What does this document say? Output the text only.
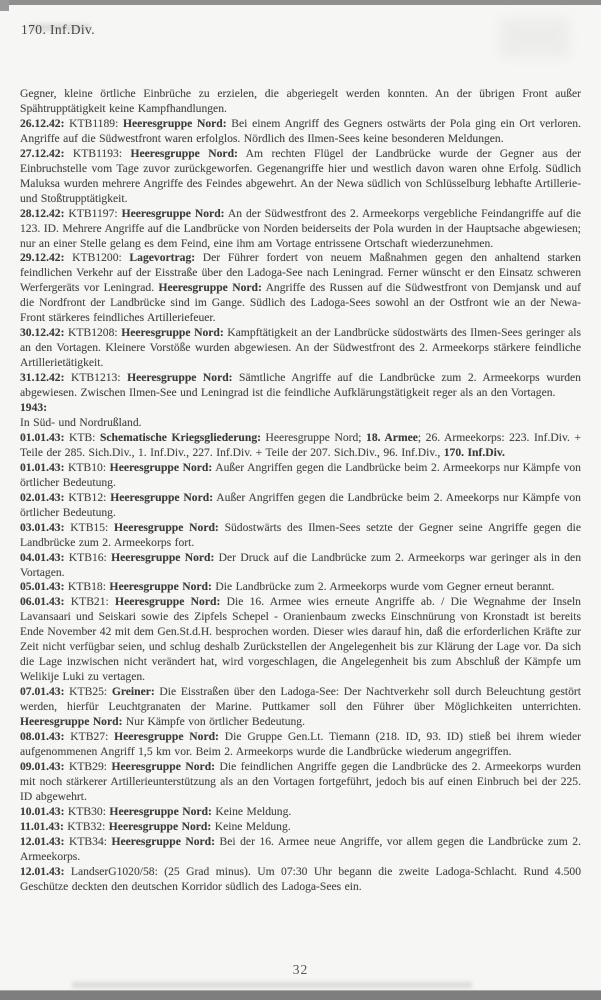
170. Inf.Div.

Gegner, kleine örtliche Einbrüche zu erzielen, die abgeriegelt werden konnten. An der übrigen Front außer Spähtrupptätigkeit keine Kampfhandlungen.

26.12.42: KTB1189: Heeresgruppe Nord: Bei einem Angriff des Gegners ostwärts der Pola ging ein Ort verloren. Angriffe auf die Südwestfront waren erfolglos. Nördlich des Ilmen-Sees keine besonderen Meldungen.

27.12.42: KTB1193: Heeresgruppe Nord: Am rechten Flügel der Landbrücke wurde der Gegner aus der Einbruchstelle vom Tage zuvor zurückgeworfen. Gegenangriffe hier und westlich davon waren ohne Erfolg. Südlich Maluksa wurden mehrere Angriffe des Feindes abgewehrt. An der Newa südlich von Schlüsselburg lebhafte Artillerie- und Stoßtrupptätigkeit.

28.12.42: KTB1197: Heeresgruppe Nord: An der Südwestfront des 2. Armeekorps vergebliche Feindangriffe auf die 123. ID. Mehrere Angriffe auf die Landbrücke von Norden beiderseits der Pola wurden in der Hauptsache abgewiesen; nur an einer Stelle gelang es dem Feind, eine ihm am Vortage entrissene Ortschaft wiederzunehmen.

29.12.42: KTB1200: Lagevortrag: Der Führer fordert von neuem Maßnahmen gegen den anhaltend starken feindlichen Verkehr auf der Eisstraße über den Ladoga-See nach Leningrad. Ferner wünscht er den Einsatz schweren Werfergeräts vor Leningrad. Heeresgruppe Nord: Angriffe des Russen auf die Südwestfront von Demjansk und auf die Nordfront der Landbrücke sind im Gange. Südlich des Ladoga-Sees sowohl an der Ostfront wie an der Newa-Front stärkeres feindliches Artilleriefeuer.

30.12.42: KTB1208: Heeresgruppe Nord: Kampftätigkeit an der Landbrücke südostwärts des Ilmen-Sees geringer als an den Vortagen. Kleinere Vorstöße wurden abgewiesen. An der Südwestfront des 2. Armeekorps stärkere feindliche Artillerietätigkeit.

31.12.42: KTB1213: Heeresgruppe Nord: Sämtliche Angriffe auf die Landbrücke zum 2. Armeekorps wurden abgewiesen. Zwischen Ilmen-See und Leningrad ist die feindliche Aufklärungstätigkeit reger als an den Vortagen.

1943:

In Süd- und Nordrußland.

01.01.43: KTB: Schematische Kriegsgliederung: Heeresgruppe Nord; 18. Armee; 26. Armeekorps: 223. Inf.Div. + Teile der 285. Sich.Div., 1. Inf.Div., 227. Inf.Div. + Teile der 207. Sich.Div., 96. Inf.Div., 170. Inf.Div.

01.01.43: KTB10: Heeresgruppe Nord: Außer Angriffen gegen die Landbrücke beim 2. Armeekorps nur Kämpfe von örtlicher Bedeutung.

02.01.43: KTB12: Heeresgruppe Nord: Außer Angriffen gegen die Landbrücke beim 2. Ameekorps nur Kämpfe von örtlicher Bedeutung.

03.01.43: KTB15: Heeresgruppe Nord: Südostwärts des Ilmen-Sees setzte der Gegner seine Angriffe gegen die Landbrücke zum 2. Armeekorps fort.

04.01.43: KTB16: Heeresgruppe Nord: Der Druck auf die Landbrücke zum 2. Armeekorps war geringer als in den Vortagen.

05.01.43: KTB18: Heeresgruppe Nord: Die Landbrücke zum 2. Armeekorps wurde vom Gegner erneut berannt.

06.01.43: KTB21: Heeresgruppe Nord: Die 16. Armee wies erneute Angriffe ab. / Die Wegnahme der Inseln Lavansaari und Seiskari sowie des Zipfels Schepel - Oranienbaum zwecks Einschnürung von Kronstadt ist bereits Ende November 42 mit dem Gen.St.d.H. besprochen worden. Dieser wies darauf hin, daß die erforderlichen Kräfte zur Zeit nicht verfügbar seien, und schlug deshalb Zurückstellen der Angelegenheit bis zur Klärung der Lage vor. Da sich die Lage inzwischen nicht verändert hat, wird vorgeschlagen, die Angelegenheit bis zum Abschluß der Kämpfe um Welikije Luki zu vertagen.

07.01.43: KTB25: Greiner: Die Eisstraßen über den Ladoga-See: Der Nachtverkehr soll durch Beleuchtung gestört werden, hierfür Leuchtgranaten der Marine. Puttkamer soll den Führer über Möglichkeiten unterrichten. Heeresgruppe Nord: Nur Kämpfe von örtlicher Bedeutung.

08.01.43: KTB27: Heeresgruppe Nord: Die Gruppe Gen.Lt. Tiemann (218. ID, 93. ID) stieß bei ihrem wieder aufgenommenen Angriff 1,5 km vor. Beim 2. Armeekorps wurde die Landbrücke wiederum angegriffen.

09.01.43: KTB29: Heeresgruppe Nord: Die feindlichen Angriffe gegen die Landbrücke des 2. Armeekorps wurden mit noch stärkerer Artillerieunterstützung als an den Vortagen fortgeführt, jedoch bis auf einen Einbruch bei der 225. ID abgewehrt.

10.01.43: KTB30: Heeresgruppe Nord: Keine Meldung.

11.01.43: KTB32: Heeresgruppe Nord: Keine Meldung.

12.01.43: KTB34: Heeresgruppe Nord: Bei der 16. Armee neue Angriffe, vor allem gegen die Landbrücke zum 2. Armeekorps.

12.01.43: LandserG1020/58: (25 Grad minus). Um 07:30 Uhr begann die zweite Ladoga-Schlacht. Rund 4.500 Geschütze deckten den deutschen Korridor südlich des Ladoga-Sees ein.

32
